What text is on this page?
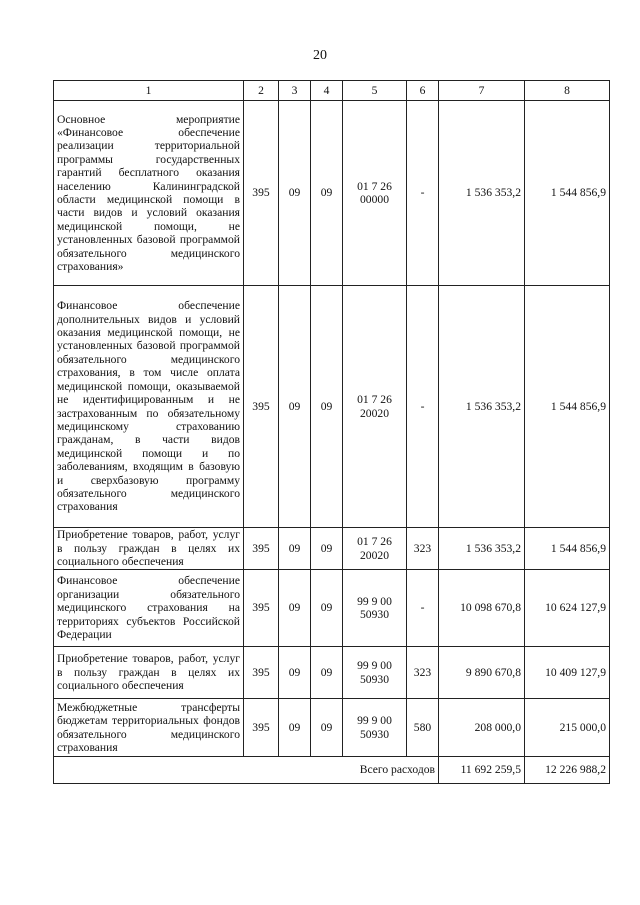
20
1	2	3	4	5	6	7	8
Основное мероприятие «Финансовое обеспечение реализации территориальной программы государственных гарантий бесплатного оказания населению Калининградской области медицинской помощи в части видов и условий оказания медицинской помощи, не установленных базовой программой обязательного медицинского страхования»	395	09	09	01 7 26 00000	-	1 536 353,2	1 544 856,9
Финансовое обеспечение дополнительных видов и условий оказания медицинской помощи, не установленных базовой программой обязательного медицинского страхования, в том числе оплата медицинской помощи, оказываемой не идентифицированным и не застрахованным по обязательному медицинскому страхованию гражданам, в части видов медицинской помощи и по заболеваниям, входящим в базовую и сверхбазовую программу обязательного медицинского страхования	395	09	09	01 7 26 20020	-	1 536 353,2	1 544 856,9
Приобретение товаров, работ, услуг в пользу граждан в целях их социального обеспечения	395	09	09	01 7 26 20020	323	1 536 353,2	1 544 856,9
Финансовое обеспечение организации обязательного медицинского страхования на территориях субъектов Российской Федерации	395	09	09	99 9 00 50930	-	10 098 670,8	10 624 127,9
Приобретение товаров, работ, услуг в пользу граждан в целях их социального обеспечения	395	09	09	99 9 00 50930	323	9 890 670,8	10 409 127,9
Межбюджетные трансферты бюджетам территориальных фондов обязательного медицинского страхования	395	09	09	99 9 00 50930	580	208 000,0	215 000,0
Всего расходов						11 692 259,5	12 226 988,2
